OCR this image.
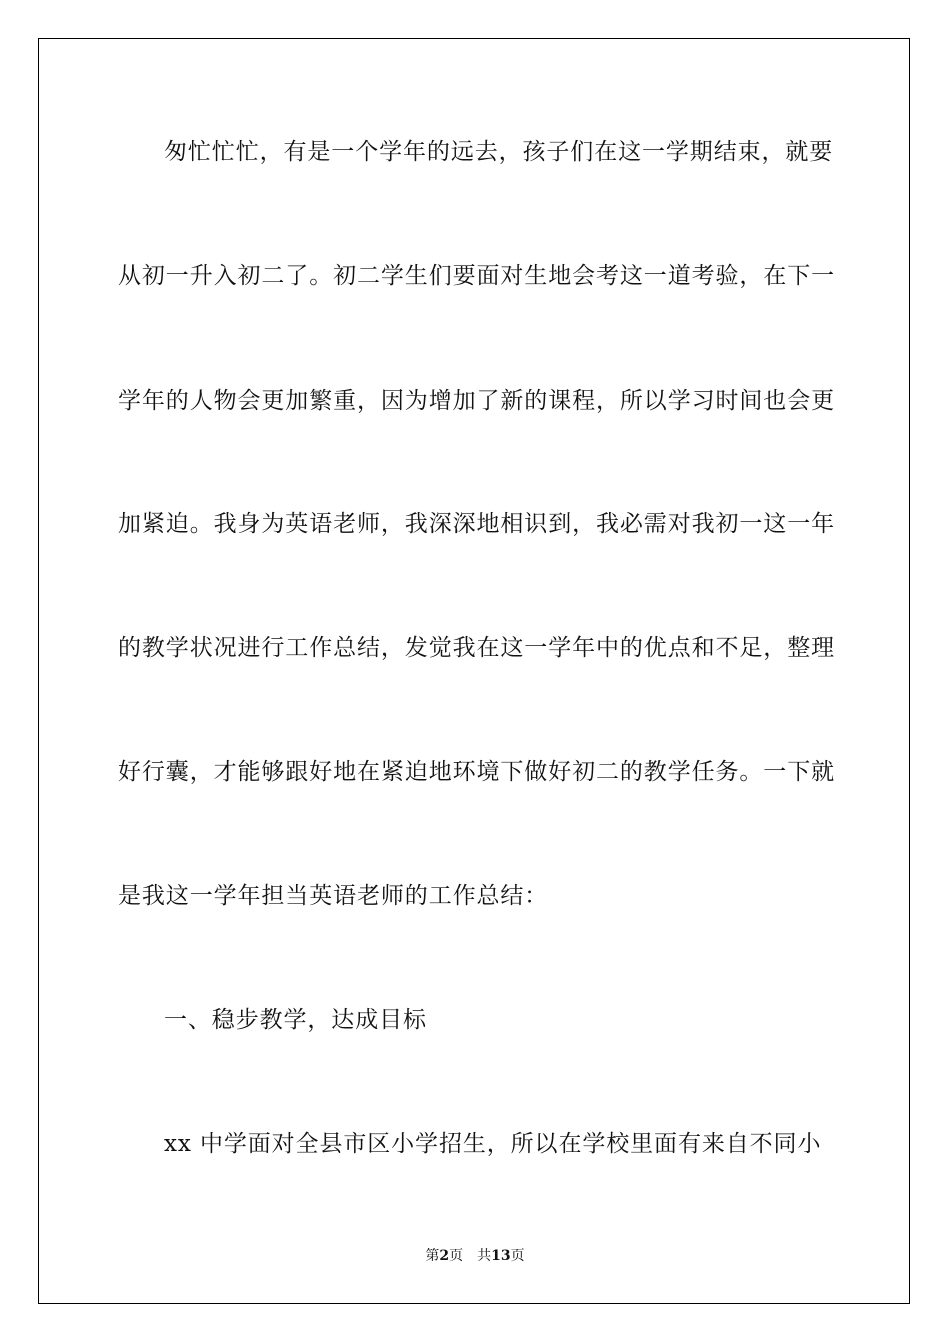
匆忙忙忙，有是一个学年的远去，孩子们在这一学期结束，就要
从初一升入初二了。初二学生们要面对生地会考这一道考验，在下一
学年的人物会更加繁重，因为增加了新的课程，所以学习时间也会更
加紧迫。我身为英语老师，我深深地相识到，我必需对我初一这一年
的教学状况进行工作总结，发觉我在这一学年中的优点和不足，整理
好行囊，才能够跟好地在紧迫地环境下做好初二的教学任务。一下就
是我这一学年担当英语老师的工作总结：
一、稳步教学，达成目标
xx 中学面对全县市区小学招生，所以在学校里面有来自不同小
第2页 共13页
